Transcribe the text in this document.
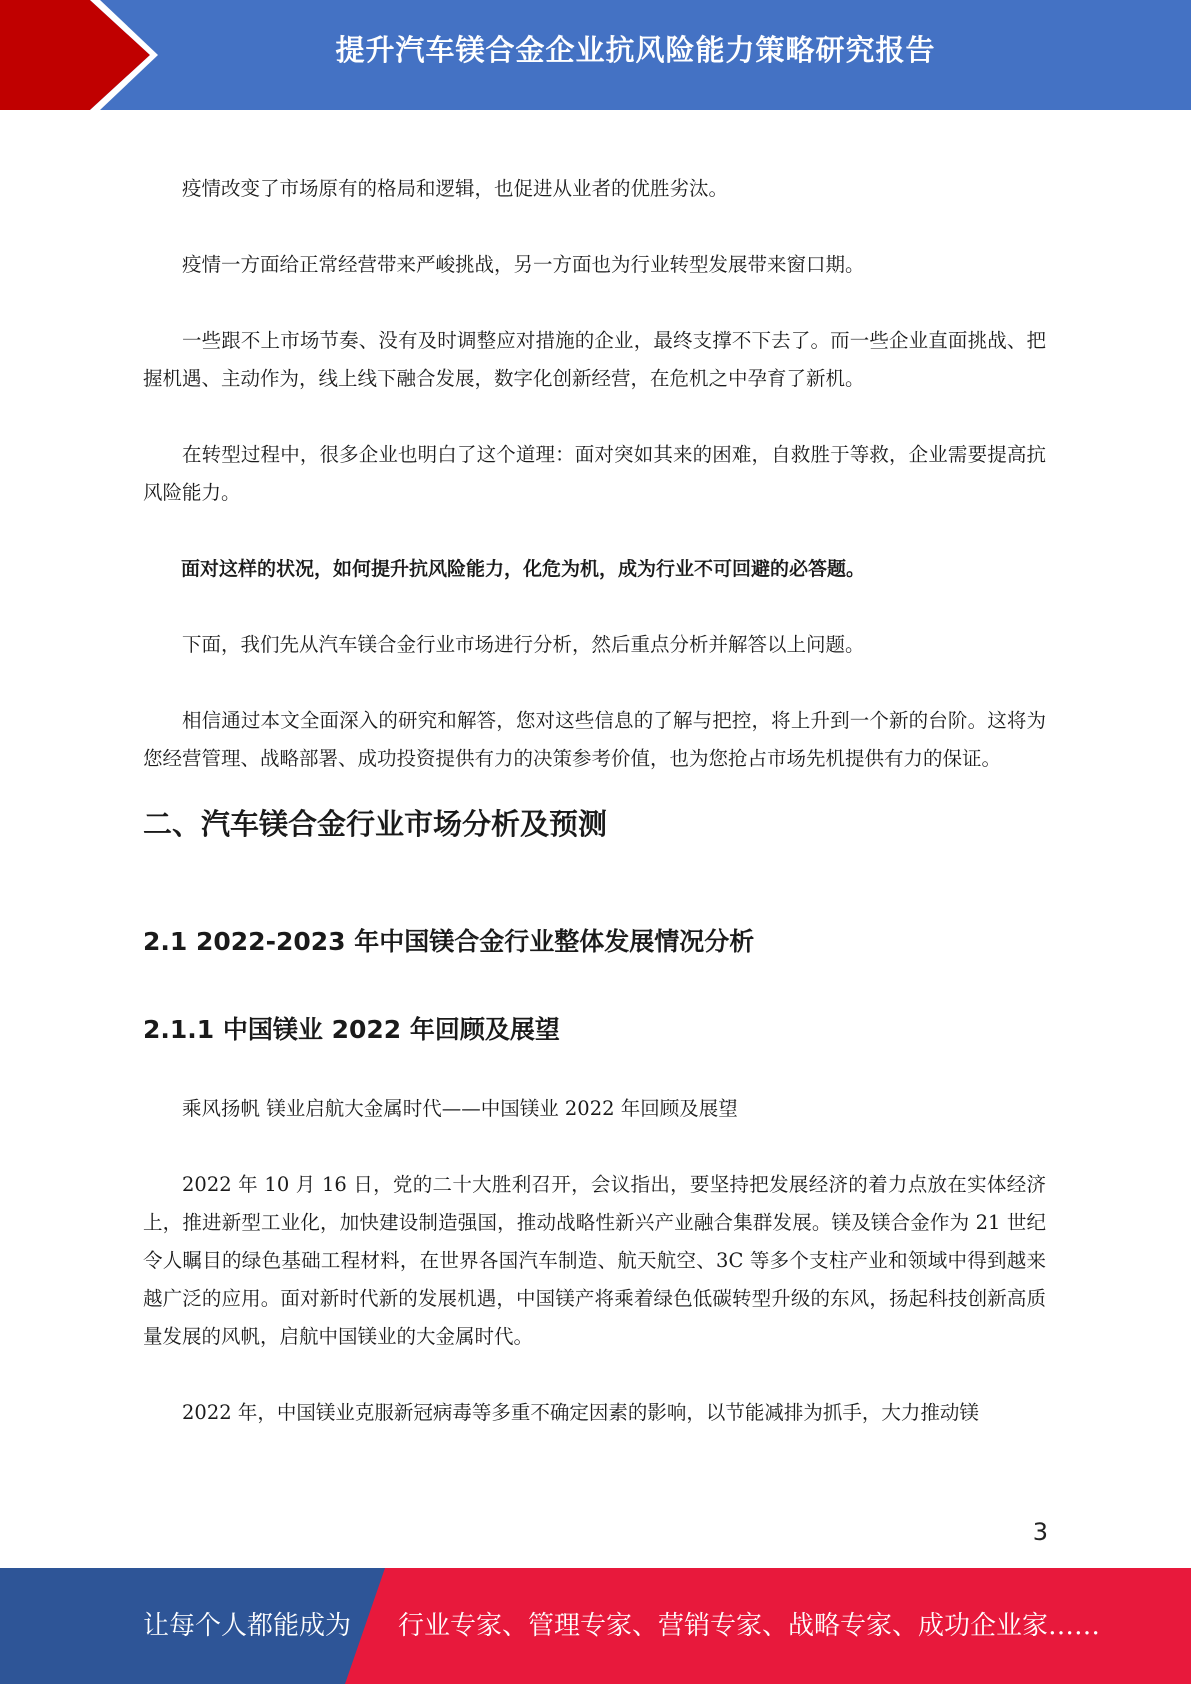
提升汽车镁合金企业抗风险能力策略研究报告

疫情改变了市场原有的格局和逻辑，也促进从业者的优胜劣汰。

疫情一方面给正常经营带来严峻挑战，另一方面也为行业转型发展带来窗口期。

一些跟不上市场节奏、没有及时调整应对措施的企业，最终支撑不下去了。而一些企业直面挑战、把握机遇、主动作为，线上线下融合发展，数字化创新经营，在危机之中孕育了新机。

在转型过程中，很多企业也明白了这个道理：面对突如其来的困难，自救胜于等救，企业需要提高抗风险能力。

面对这样的状况，如何提升抗风险能力，化危为机，成为行业不可回避的必答题。

下面，我们先从汽车镁合金行业市场进行分析，然后重点分析并解答以上问题。

相信通过本文全面深入的研究和解答，您对这些信息的了解与把控，将上升到一个新的台阶。这将为您经营管理、战略部署、成功投资提供有力的决策参考价值，也为您抢占市场先机提供有力的保证。

二、汽车镁合金行业市场分析及预测
2.1 2022-2023 年中国镁合金行业整体发展情况分析
2.1.1 中国镁业 2022 年回顾及展望

乘风扬帆 镁业启航大金属时代——中国镁业 2022 年回顾及展望

2022 年 10 月 16 日，党的二十大胜利召开，会议指出，要坚持把发展经济的着力点放在实体经济上，推进新型工业化，加快建设制造强国，推动战略性新兴产业融合集群发展。镁及镁合金作为 21 世纪令人瞩目的绿色基础工程材料，在世界各国汽车制造、航天航空、3C 等多个支柱产业和领域中得到越来越广泛的应用。面对新时代新的发展机遇，中国镁产将乘着绿色低碳转型升级的东风，扬起科技创新高质量发展的风帆，启航中国镁业的大金属时代。

2022 年，中国镁业克服新冠病毒等多重不确定因素的影响，以节能减排为抓手，大力推动镁

3
让每个人都能成为 行业专家、管理专家、营销专家、战略专家、成功企业家……
